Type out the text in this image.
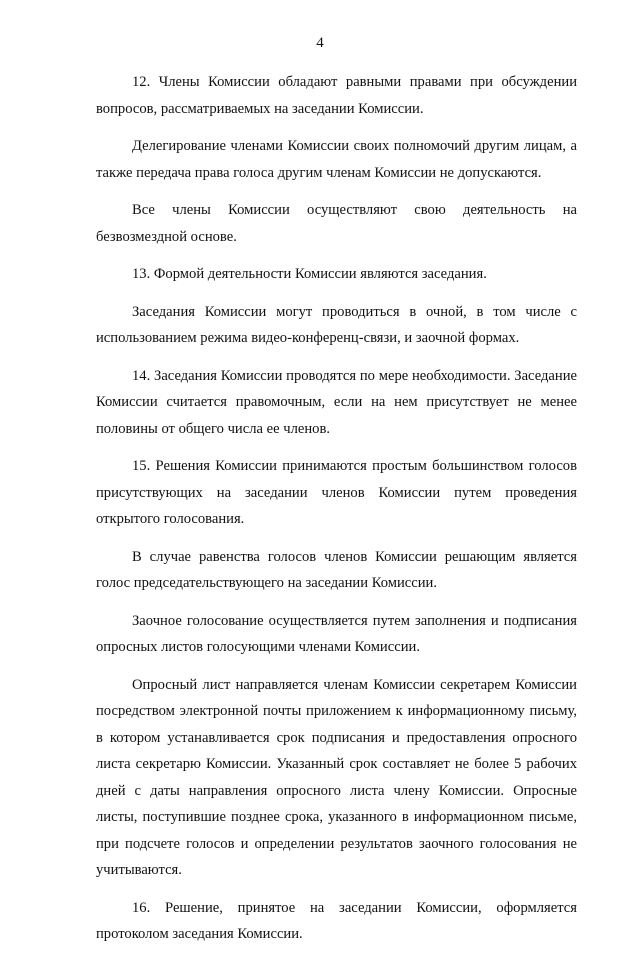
4

12. Члены Комиссии обладают равными правами при обсуждении вопросов, рассматриваемых на заседании Комиссии.

Делегирование членами Комиссии своих полномочий другим лицам, а также передача права голоса другим членам Комиссии не допускаются.

Все члены Комиссии осуществляют свою деятельность на безвозмездной основе.

13. Формой деятельности Комиссии являются заседания.

Заседания Комиссии могут проводиться в очной, в том числе с использованием режима видео-конференц-связи, и заочной формах.

14. Заседания Комиссии проводятся по мере необходимости. Заседание Комиссии считается правомочным, если на нем присутствует не менее половины от общего числа ее членов.

15. Решения Комиссии принимаются простым большинством голосов присутствующих на заседании членов Комиссии путем проведения открытого голосования.

В случае равенства голосов членов Комиссии решающим является голос председательствующего на заседании Комиссии.

Заочное голосование осуществляется путем заполнения и подписания опросных листов голосующими членами Комиссии.

Опросный лист направляется членам Комиссии секретарем Комиссии посредством электронной почты приложением к информационному письму, в котором устанавливается срок подписания и предоставления опросного листа секретарю Комиссии. Указанный срок составляет не более 5 рабочих дней с даты направления опросного листа члену Комиссии. Опросные листы, поступившие позднее срока, указанного в информационном письме, при подсчете голосов и определении результатов заочного голосования не учитываются.

16. Решение, принятое на заседании Комиссии, оформляется протоколом заседания Комиссии.
